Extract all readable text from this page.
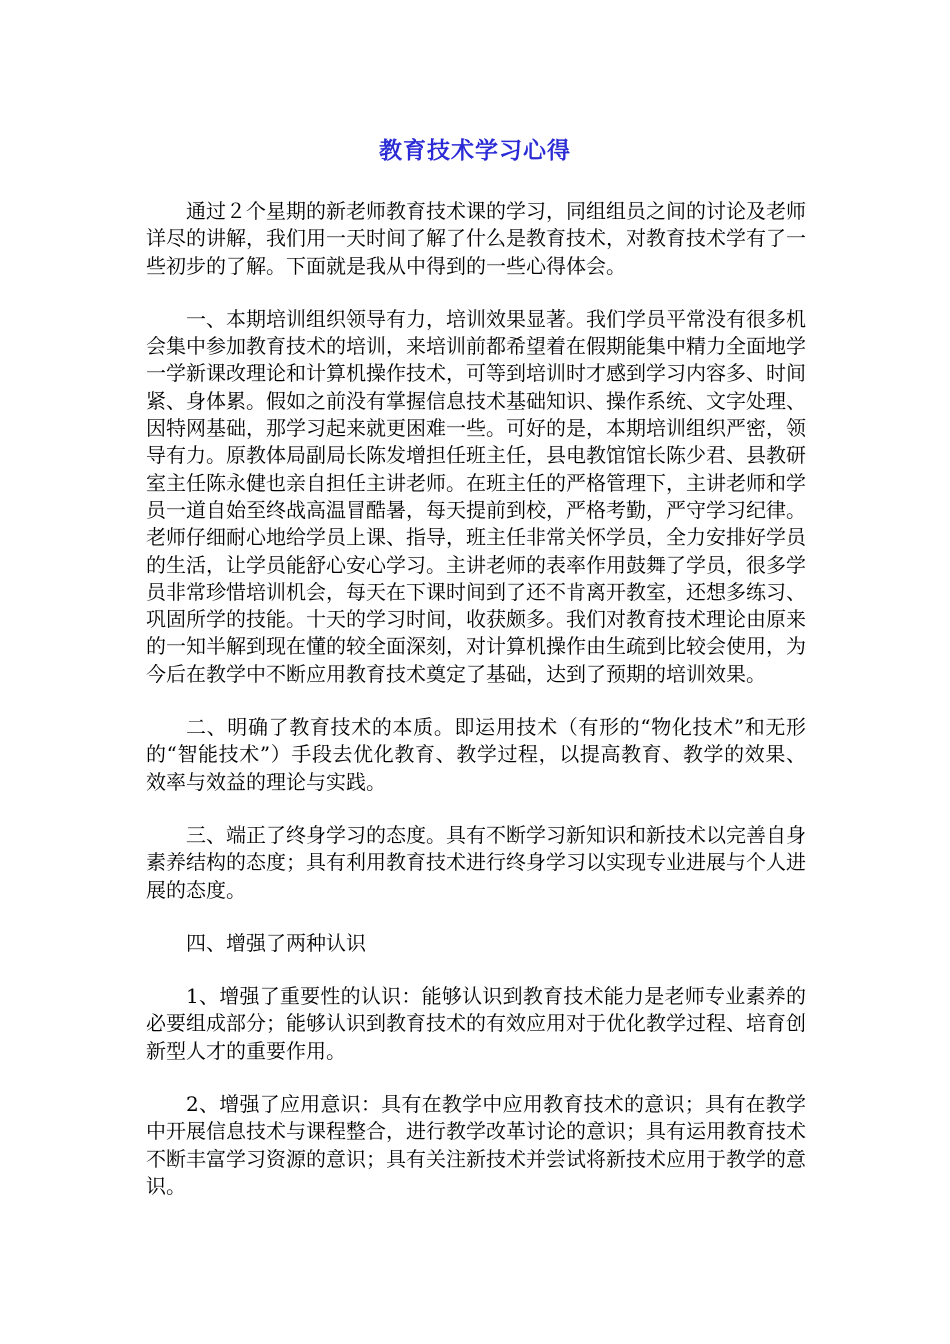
教育技术学习心得

通过２个星期的新老师教育技术课的学习，同组组员之间的讨论及老师详尽的讲解，我们用一天时间了解了什么是教育技术，对教育技术学有了一些初步的了解。下面就是我从中得到的一些心得体会。

一、本期培训组织领导有力，培训效果显著。我们学员平常没有很多机会集中参加教育技术的培训，来培训前都希望着在假期能集中精力全面地学一学新课改理论和计算机操作技术，可等到培训时才感到学习内容多、时间紧、身体累。假如之前没有掌握信息技术基础知识、操作系统、文字处理、因特网基础，那学习起来就更困难一些。可好的是，本期培训组织严密，领导有力。原教体局副局长陈发增担任班主任，县电教馆馆长陈少君、县教研室主任陈永健也亲自担任主讲老师。在班主任的严格管理下，主讲老师和学员一道自始至终战高温冒酷暑，每天提前到校，严格考勤，严守学习纪律。老师仔细耐心地给学员上课、指导，班主任非常关怀学员，全力安排好学员的生活，让学员能舒心安心学习。主讲老师的表率作用鼓舞了学员，很多学员非常珍惜培训机会，每天在下课时间到了还不肯离开教室，还想多练习、巩固所学的技能。十天的学习时间，收获颇多。我们对教育技术理论由原来的一知半解到现在懂的较全面深刻，对计算机操作由生疏到比较会使用，为今后在教学中不断应用教育技术奠定了基础，达到了预期的培训效果。

二、明确了教育技术的本质。即运用技术（有形的“物化技术”和无形的“智能技术”）手段去优化教育、教学过程，以提高教育、教学的效果、效率与效益的理论与实践。

三、端正了终身学习的态度。具有不断学习新知识和新技术以完善自身素养结构的态度；具有利用教育技术进行终身学习以实现专业进展与个人进展的态度。

四、增强了两种认识

1、增强了重要性的认识：能够认识到教育技术能力是老师专业素养的必要组成部分；能够认识到教育技术的有效应用对于优化教学过程、培育创新型人才的重要作用。

2、增强了应用意识：具有在教学中应用教育技术的意识；具有在教学中开展信息技术与课程整合，进行教学改革讨论的意识；具有运用教育技术不断丰富学习资源的意识；具有关注新技术并尝试将新技术应用于教学的意识。
